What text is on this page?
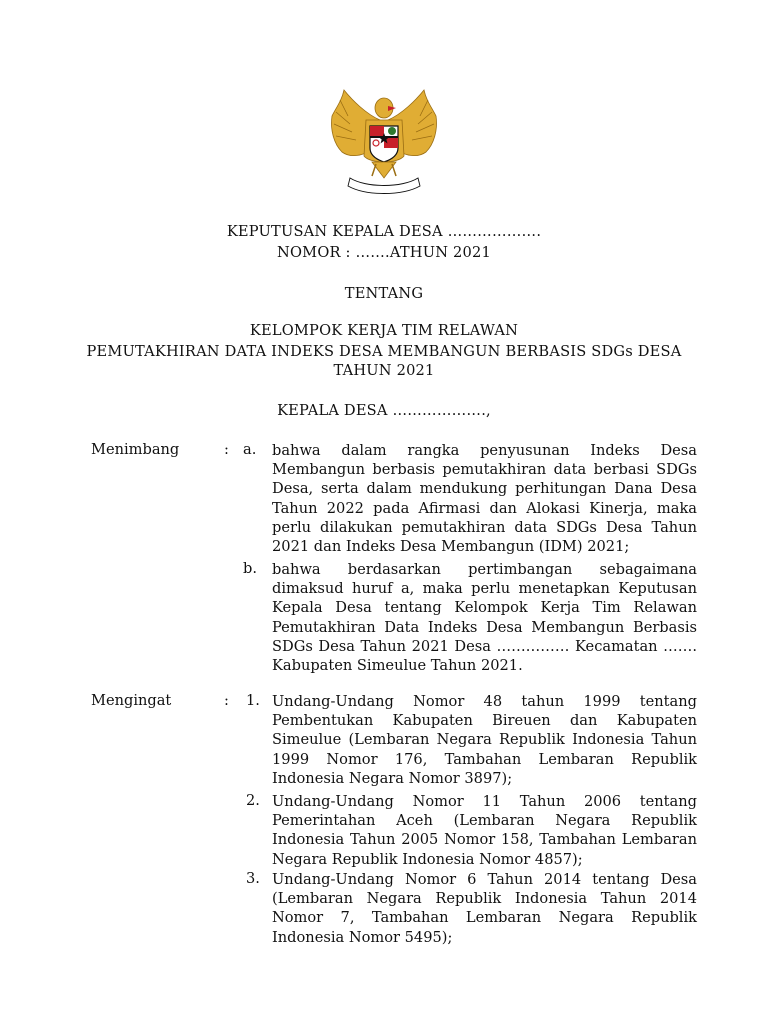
KEPUTUSAN KEPALA DESA ……………….
NOMOR : …….ATHUN 2021
TENTANG
KELOMPOK KERJA TIM RELAWAN
PEMUTAKHIRAN DATA INDEKS DESA MEMBANGUN BERBASIS SDGs DESA
TAHUN 2021
KEPALA DESA ……………….,
Menimbang	: a. bahwa dalam rangka penyusunan Indeks Desa Membangun berbasis pemutakhiran data berbasi SDGs Desa, serta dalam mendukung perhitungan Dana Desa Tahun 2022 pada Afirmasi dan Alokasi Kinerja, maka perlu dilakukan pemutakhiran data SDGs Desa Tahun 2021 dan Indeks Desa Membangun (IDM) 2021;
b. bahwa berdasarkan pertimbangan sebagaimana dimaksud huruf a, maka perlu menetapkan Keputusan Kepala Desa tentang Kelompok Kerja Tim Relawan Pemutakhiran Data Indeks Desa Membangun Berbasis SDGs Desa Tahun 2021 Desa …………… Kecamatan ……. Kabupaten Simeulue Tahun 2021.
Mengingat	: 1. Undang-Undang Nomor 48 tahun 1999 tentang Pembentukan Kabupaten Bireuen dan Kabupaten Simeulue (Lembaran Negara Republik Indonesia Tahun 1999 Nomor 176, Tambahan Lembaran Republik Indonesia Negara Nomor 3897);
2. Undang-Undang Nomor 11 Tahun 2006 tentang Pemerintahan Aceh (Lembaran Negara Republik Indonesia Tahun 2005 Nomor 158, Tambahan Lembaran Negara Republik Indonesia Nomor 4857);
3. Undang-Undang Nomor 6 Tahun 2014 tentang Desa (Lembaran Negara Republik Indonesia Tahun 2014 Nomor 7, Tambahan Lembaran Negara Republik Indonesia Nomor 5495);
